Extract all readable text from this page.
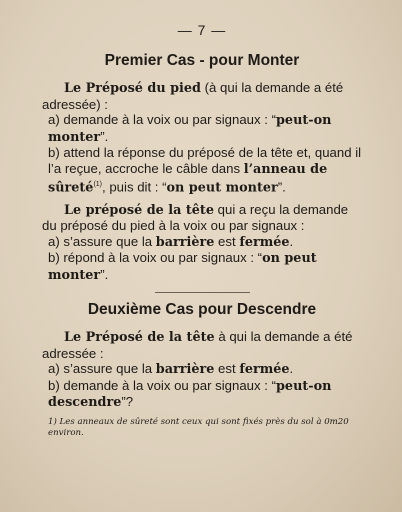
— 7 —
Premier Cas - pour Monter

Le Préposé du pied (à qui la demande a été adressée) :

a) demande à la voix ou par signaux : “peut-on monter”.

b) attend la réponse du préposé de la tête et, quand il l’a reçue, accroche le câble dans l’anneau de sûreté$^{(1)}$, puis dit : “on peut monter”.

Le préposé de la tête qui a reçu la demande du préposé du pied à la voix ou par signaux :

a) s’assure que la barrière est fermée.

b) répond à la voix ou par signaux : “on peut monter”.

Deuxième Cas pour Descendre

Le Préposé de la tête à qui la demande a été adressée :

a) s’assure que la barrière est fermée.

b) demande à la voix ou par signaux : “peut-on descendre”?

1) Les anneaux de sûreté sont ceux qui sont fixés près du sol à 0m20 environ.
